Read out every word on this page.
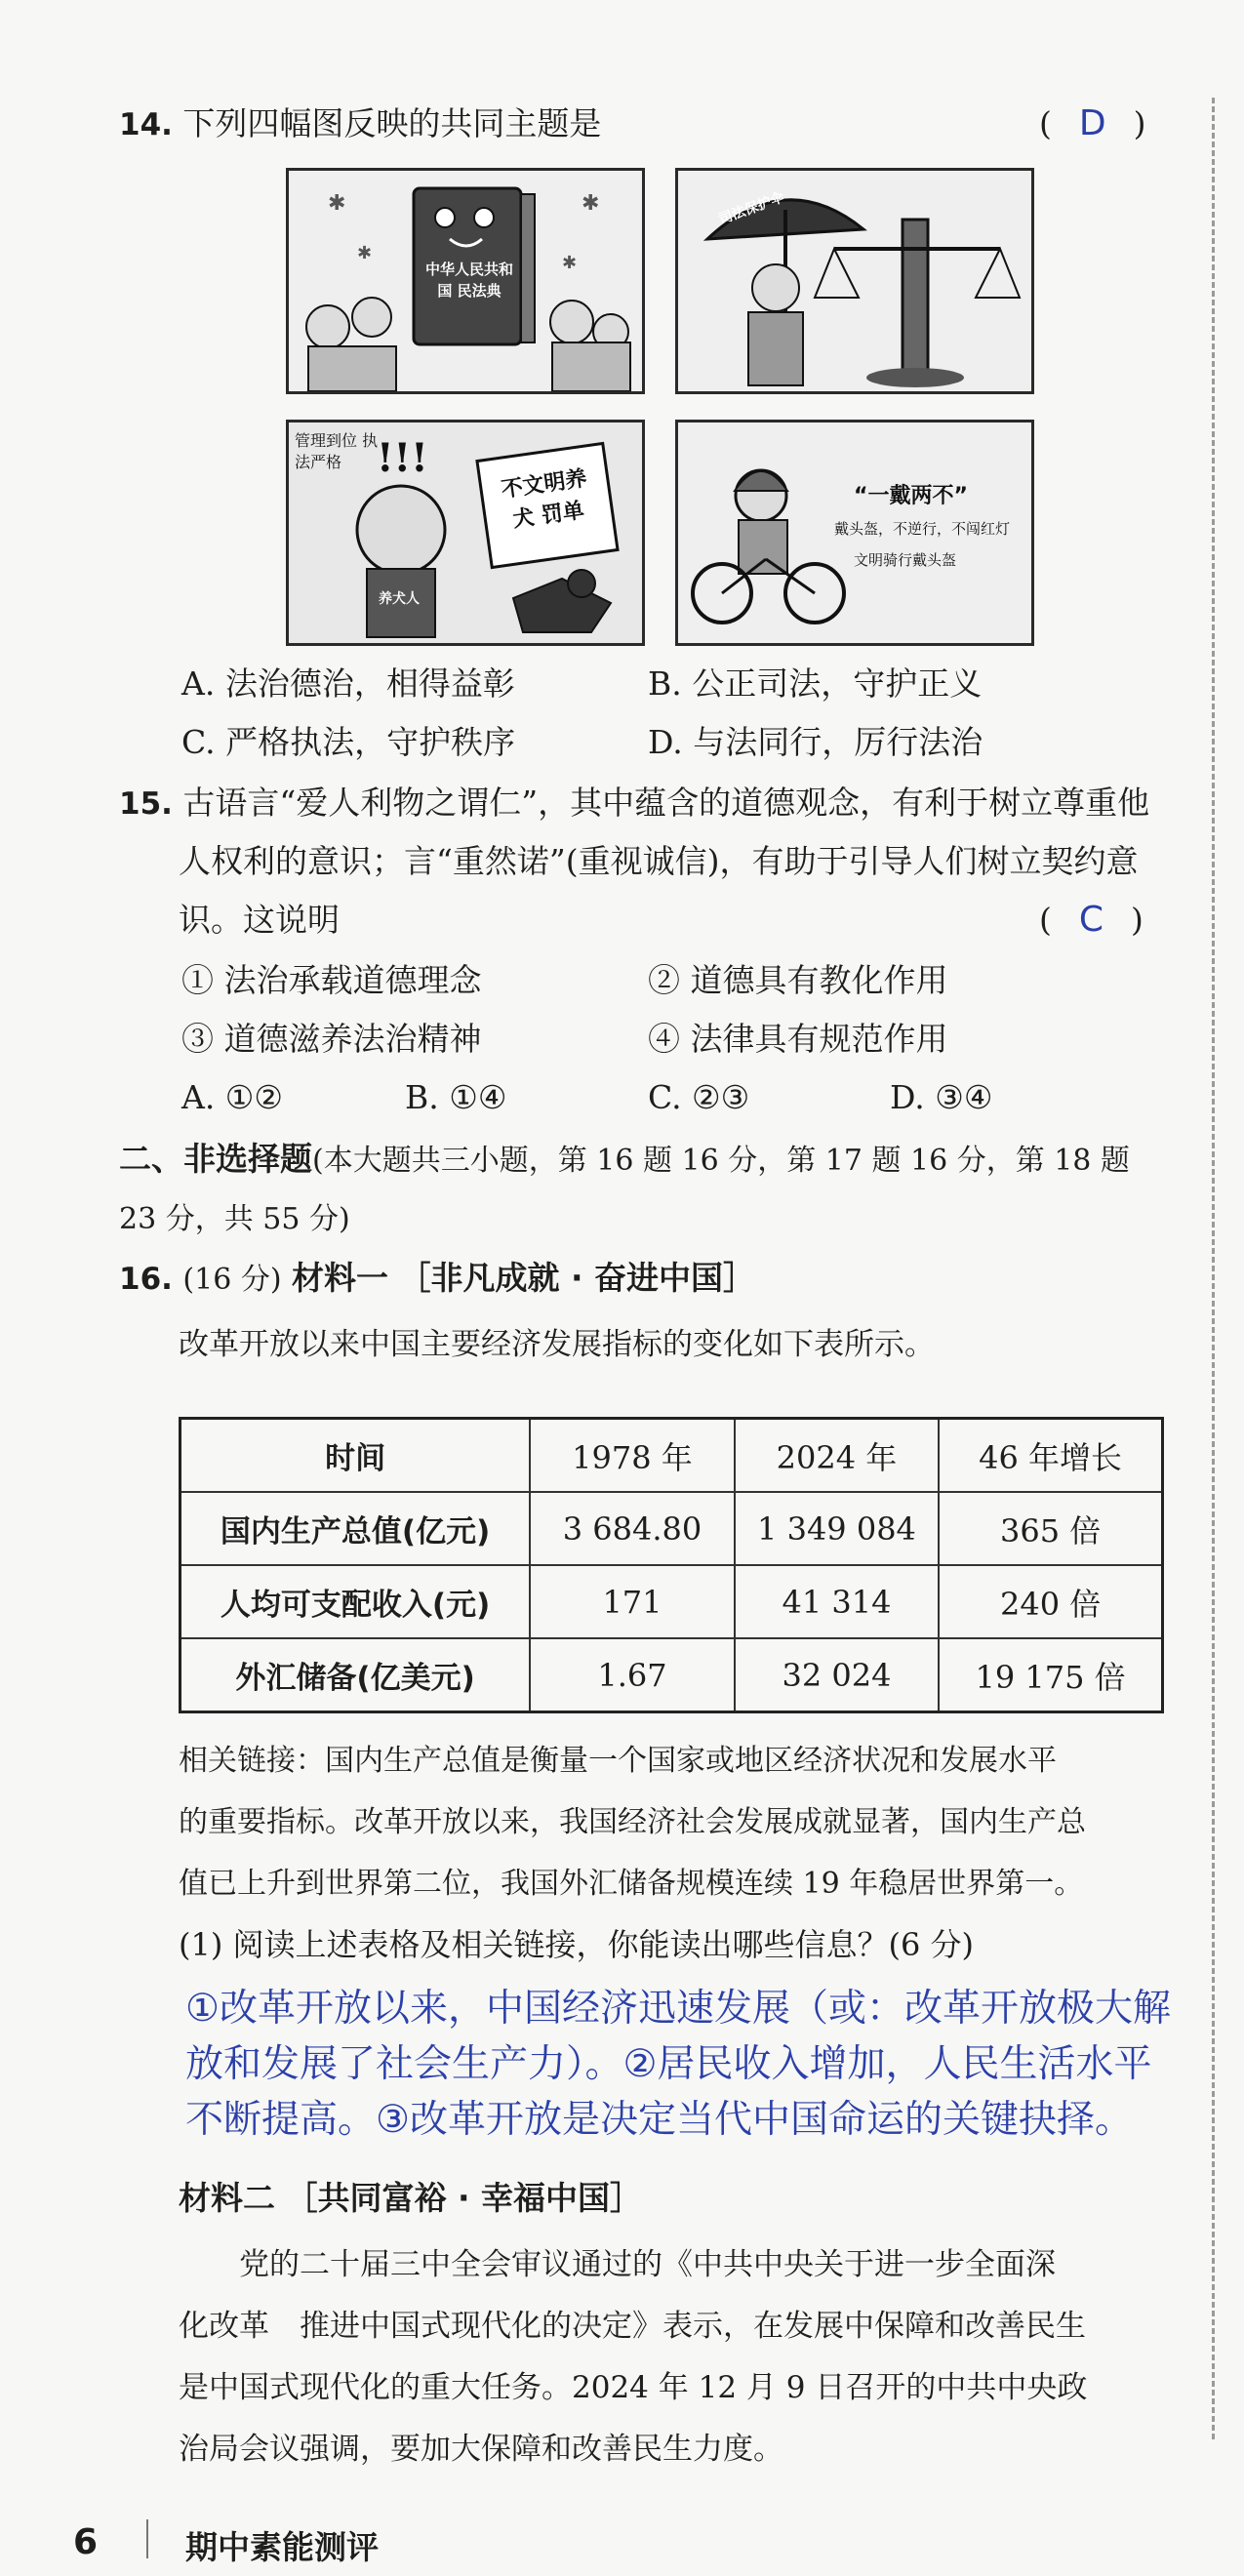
14. 下列四幅图反映的共同主题是	( D )
✱	✱
✱	✱
中华人民共和国 民法典
司法保护伞
!!!
管理到位 执法严格
不文明养犬 罚单
养犬人
“一戴两不”
戴头盔，不逆行，不闯红灯
文明骑行戴头盔
A. 法治德治，相得益彰	B. 公正司法，守护正义
C. 严格执法，守护秩序	D. 与法同行，厉行法治
15. 古语言“爱人利物之谓仁”，其中蕴含的道德观念，有利于树立尊重他
人权利的意识；言“重然诺”(重视诚信)，有助于引导人们树立契约意
识。这说明	( C )
① 法治承载道德理念	② 道德具有教化作用
③ 道德滋养法治精神	④ 法律具有规范作用
A. ①②	B. ①④	C. ②③	D. ③④
二、非选择题(本大题共三小题，第 16 题 16 分，第 17 题 16 分，第 18 题
23 分，共 55 分)
16. (16 分) 材料一 ［非凡成就 · 奋进中国］
改革开放以来中国主要经济发展指标的变化如下表所示。
时间	1978 年	2024 年	46 年增长
国内生产总值(亿元)	3 684.80	1 349 084	365 倍
人均可支配收入(元)	171	41 314	240 倍
外汇储备(亿美元)	1.67	32 024	19 175 倍
相关链接：国内生产总值是衡量一个国家或地区经济状况和发展水平
的重要指标。改革开放以来，我国经济社会发展成就显著，国内生产总
值已上升到世界第二位，我国外汇储备规模连续 19 年稳居世界第一。
(1) 阅读上述表格及相关链接，你能读出哪些信息？(6 分)
①改革开放以来，中国经济迅速发展（或：改革开放极大解放和发展了社会生产力）。②居民收入增加，人民生活水平不断提高。③改革开放是决定当代中国命运的关键抉择。
材料二 ［共同富裕 · 幸福中国］
党的二十届三中全会审议通过的《中共中央关于进一步全面深
化改革　推进中国式现代化的决定》表示，在发展中保障和改善民生
是中国式现代化的重大任务。2024 年 12 月 9 日召开的中共中央政
治局会议强调，要加大保障和改善民生力度。
6	期中素能测评
